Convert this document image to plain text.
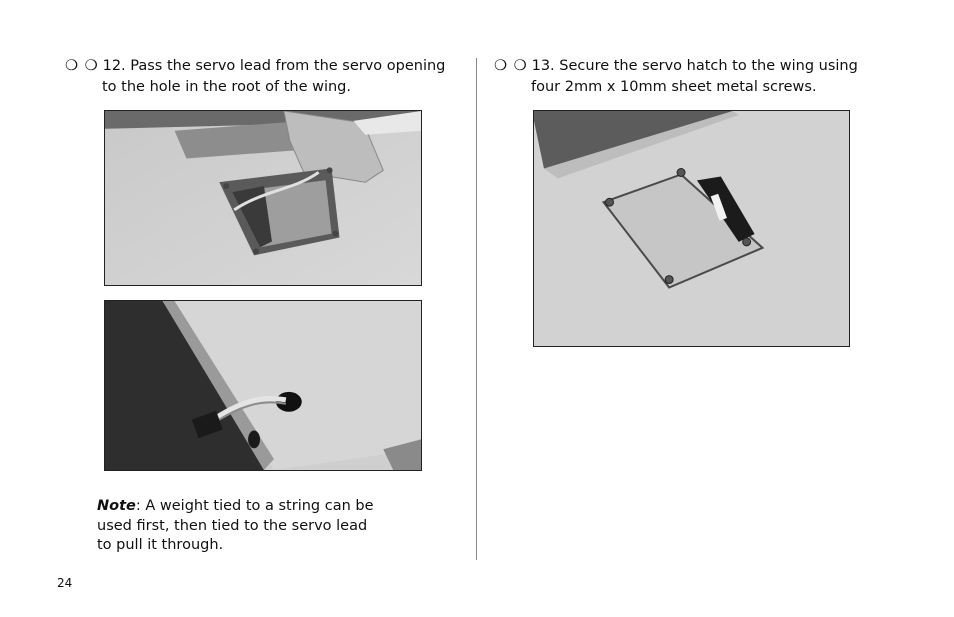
❍ ❍ 12. Pass the servo lead from the servo opening
to the hole in the root of the wing.
❍ ❍ 13. Secure the servo hatch to the wing using
four 2mm x 10mm sheet metal screws.
Note: A weight tied to a string can be used first, then tied to the servo lead to pull it through.
24
